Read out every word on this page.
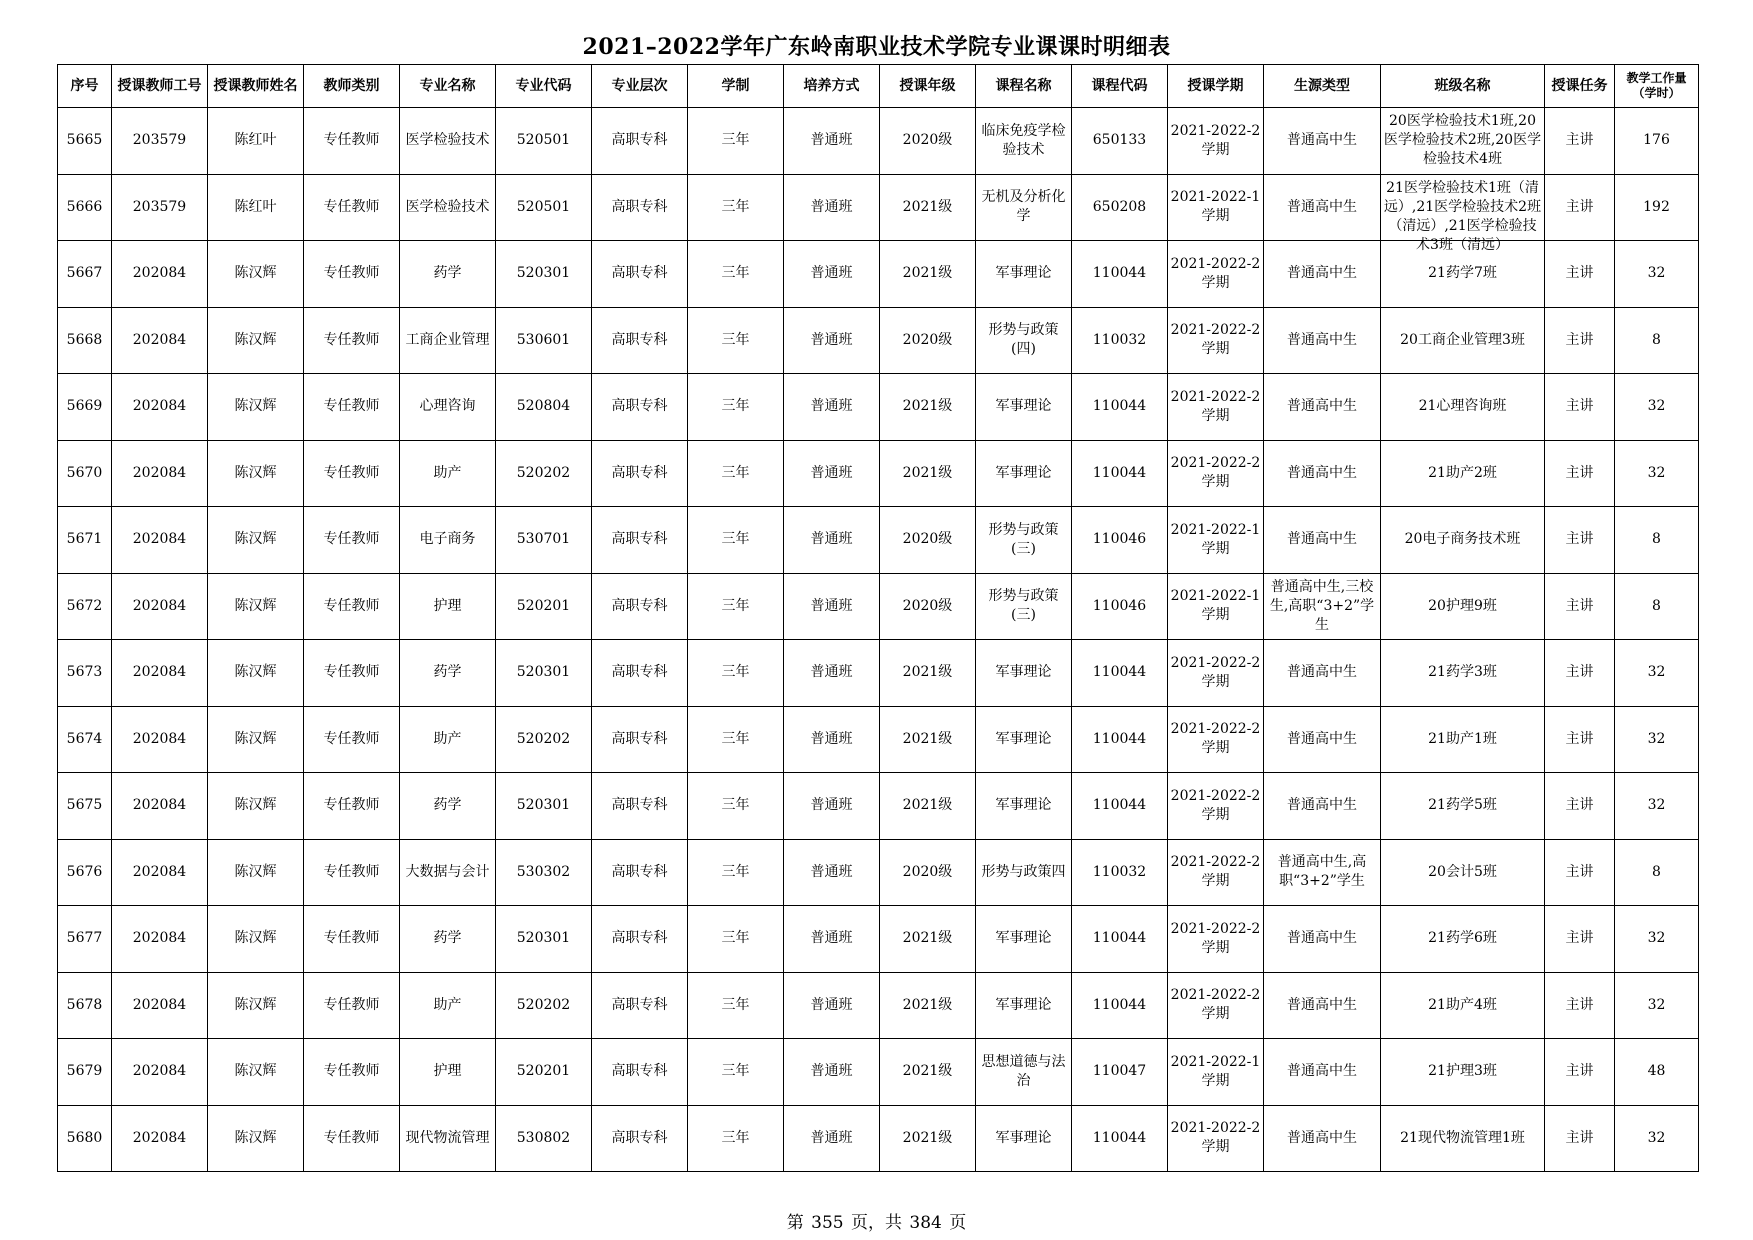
2021–2022学年广东岭南职业技术学院专业课课时明细表
序号	授课教师工号	授课教师姓名	教师类别	专业名称	专业代码	专业层次	学制	培养方式	授课年级	课程名称	课程代码	授课学期	生源类型	班级名称	授课任务	教学工作量（学时）

5665	203579	陈红叶	专任教师	医学检验技术	520501	高职专科	三年	普通班	2020级	临床免疫学检验技术	650133	2021-2022-2学期	普通高中生	20医学检验技术1班,20医学检验技术2班,20医学检验技术4班	主讲	176

5666	203579	陈红叶	专任教师	医学检验技术	520501	高职专科	三年	普通班	2021级	无机及分析化学	650208	2021-2022-1学期	普通高中生	21医学检验技术1班（清远）,21医学检验技术2班（清远）,21医学检验技术3班（清远）	主讲	192

5667	202084	陈汉辉	专任教师	药学	520301	高职专科	三年	普通班	2021级	军事理论	110044	2021-2022-2学期	普通高中生	21药学7班	主讲	32

5668	202084	陈汉辉	专任教师	工商企业管理	530601	高职专科	三年	普通班	2020级	形势与政策(四)	110032	2021-2022-2学期	普通高中生	20工商企业管理3班	主讲	8

5669	202084	陈汉辉	专任教师	心理咨询	520804	高职专科	三年	普通班	2021级	军事理论	110044	2021-2022-2学期	普通高中生	21心理咨询班	主讲	32

5670	202084	陈汉辉	专任教师	助产	520202	高职专科	三年	普通班	2021级	军事理论	110044	2021-2022-2学期	普通高中生	21助产2班	主讲	32

5671	202084	陈汉辉	专任教师	电子商务	530701	高职专科	三年	普通班	2020级	形势与政策(三)	110046	2021-2022-1学期	普通高中生	20电子商务技术班	主讲	8

5672	202084	陈汉辉	专任教师	护理	520201	高职专科	三年	普通班	2020级	形势与政策(三)	110046	2021-2022-1学期	普通高中生,三校生,高职“3+2”学生	20护理9班	主讲	8

5673	202084	陈汉辉	专任教师	药学	520301	高职专科	三年	普通班	2021级	军事理论	110044	2021-2022-2学期	普通高中生	21药学3班	主讲	32

5674	202084	陈汉辉	专任教师	助产	520202	高职专科	三年	普通班	2021级	军事理论	110044	2021-2022-2学期	普通高中生	21助产1班	主讲	32

5675	202084	陈汉辉	专任教师	药学	520301	高职专科	三年	普通班	2021级	军事理论	110044	2021-2022-2学期	普通高中生	21药学5班	主讲	32

5676	202084	陈汉辉	专任教师	大数据与会计	530302	高职专科	三年	普通班	2020级	形势与政策四	110032	2021-2022-2学期	普通高中生,高职“3+2”学生	20会计5班	主讲	8

5677	202084	陈汉辉	专任教师	药学	520301	高职专科	三年	普通班	2021级	军事理论	110044	2021-2022-2学期	普通高中生	21药学6班	主讲	32

5678	202084	陈汉辉	专任教师	助产	520202	高职专科	三年	普通班	2021级	军事理论	110044	2021-2022-2学期	普通高中生	21助产4班	主讲	32

5679	202084	陈汉辉	专任教师	护理	520201	高职专科	三年	普通班	2021级	思想道德与法治	110047	2021-2022-1学期	普通高中生	21护理3班	主讲	48

5680	202084	陈汉辉	专任教师	现代物流管理	530802	高职专科	三年	普通班	2021级	军事理论	110044	2021-2022-2学期	普通高中生	21现代物流管理1班	主讲	32
第 355 页，共 384 页
